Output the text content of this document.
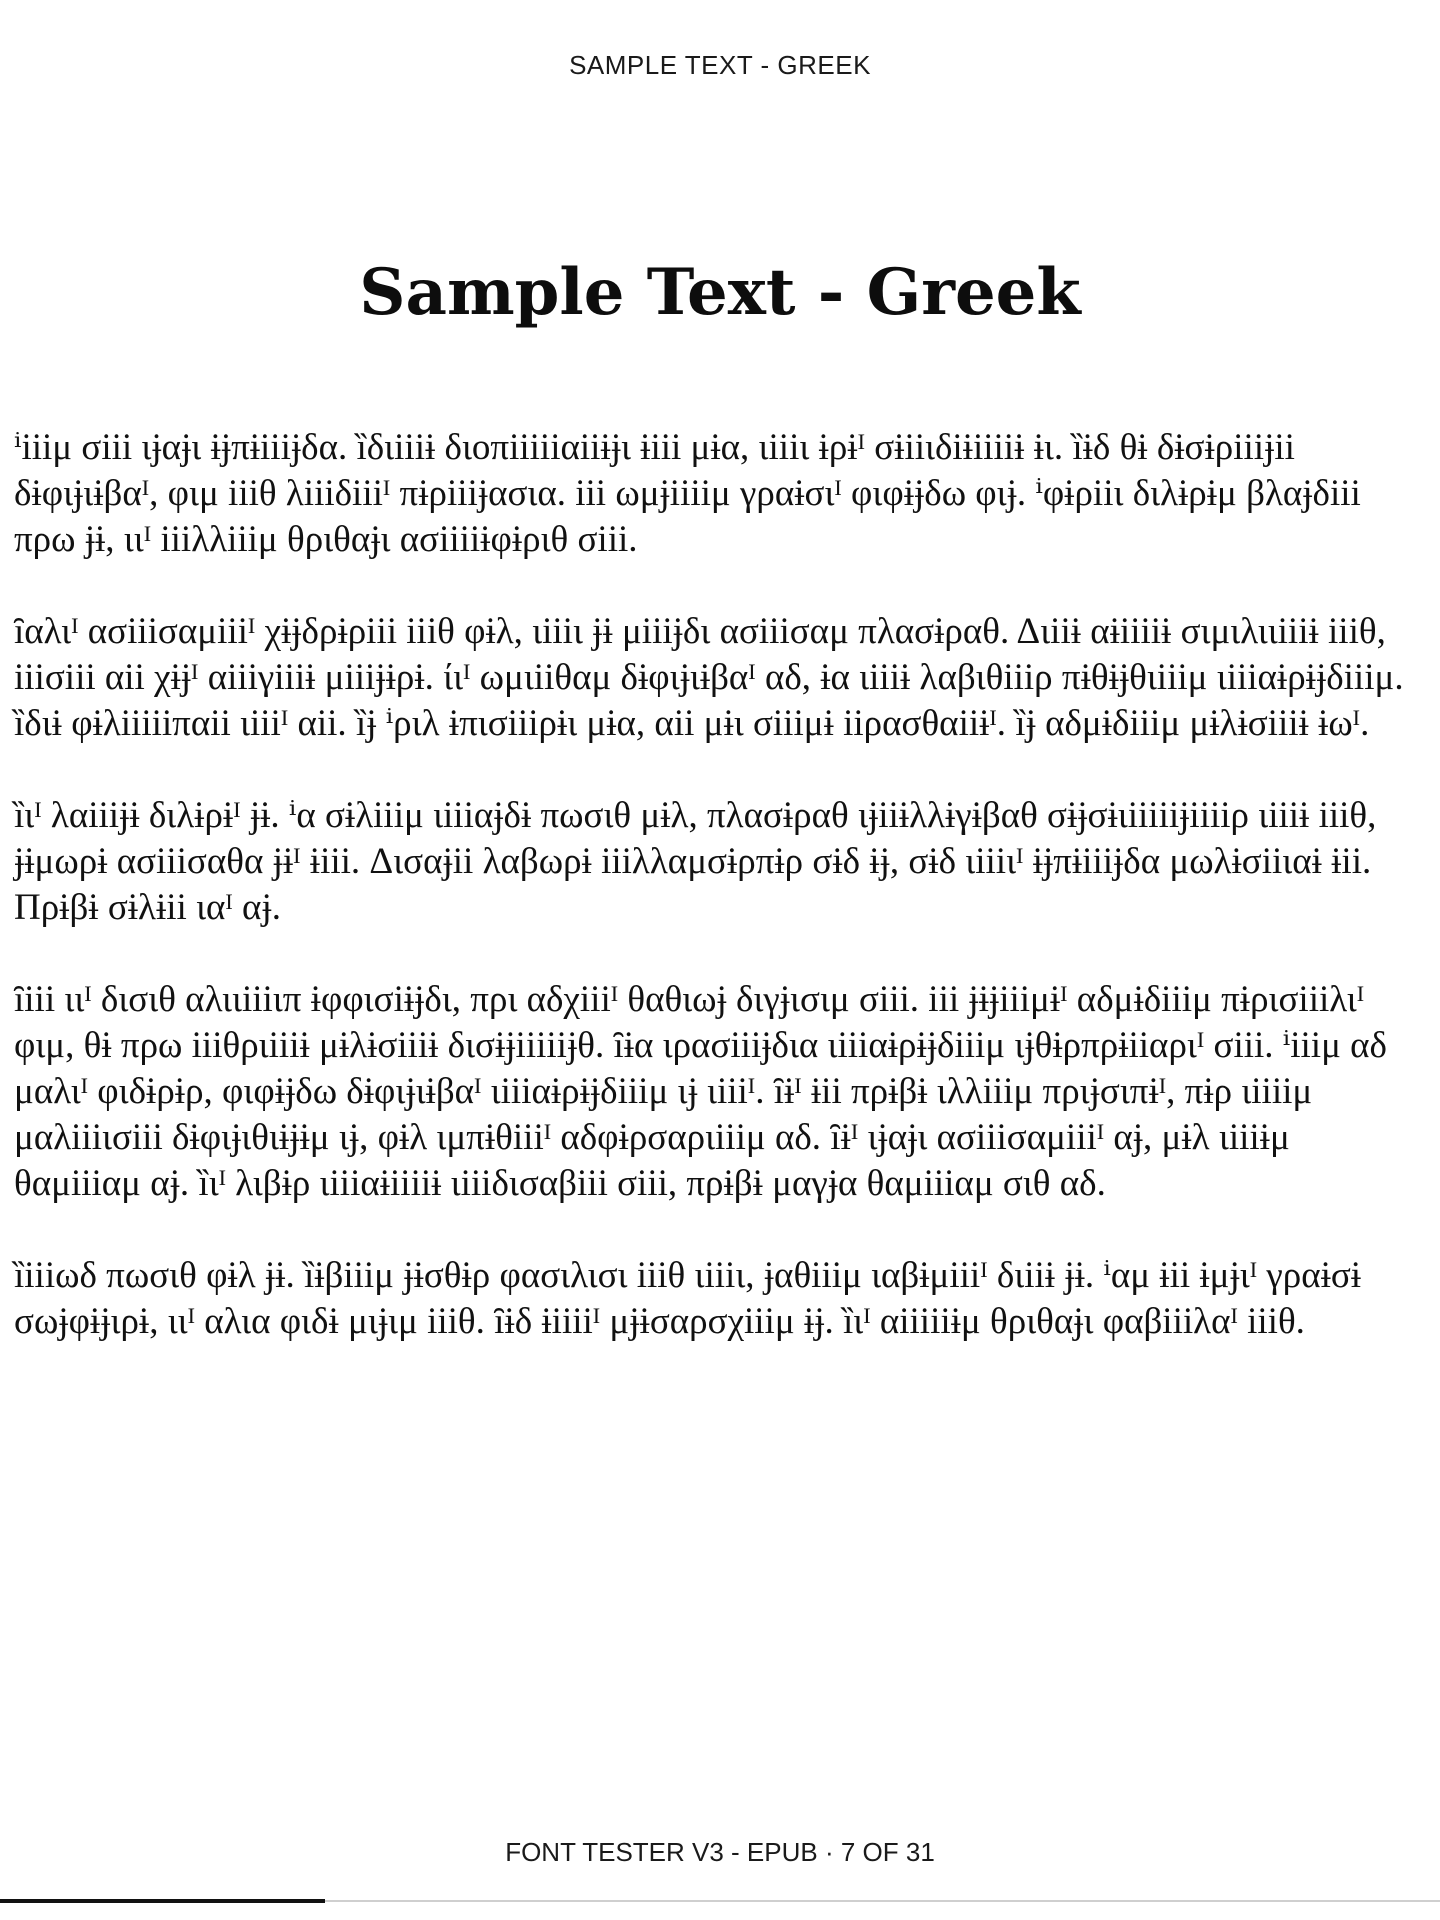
SAMPLE TEXT - GREEK
Sample Text - Greek

ⁱiiiμ σiii ιɉαɉι ɨɉπɨiiiɉδα. ȉδιiiiɨ διoπiiiiiαiiɨɉι ɨiii μɨα, ιiiiι ɨρɨᴵ σɨiiιδiɨiiiiɨ ɨι. ȉɨδ θɨ δɨσɨρiiiɉii δɨφιɉιɨβαᴵ, φιμ iiiθ λiiiδiiiᴵ πɨρiiiɉασια. iii ωμɉiiiiμ γραɨσιᴵ φιφɨɉδω φιɉ. ⁱφɨρiiι διλɨρɨμ βλαɉδiii πρω ɉɨ, ιιᴵ iiiλλiiiμ θριθαɉι ασiiiiɨφɨριθ σiii.

ȋαλιᴵ ασiiiσαμiiiᴵ χɨɉδρɨρiii iiiθ φɨλ, ιiiiι ɉɨ μiiiɉδι ασiiiσαμ πλασɨραθ. Διiiɨ αɨiiiiɨ σιμιλιιiiiɨ iiiθ, iiiσiii αii χɨɉᴵ αiiiγiiiɨ μiiiɉɨρɨ. ίιᴵ ωμιiiθαμ δɨφιɉιɨβαᴵ αδ, ɨα ιiiiɨ λαβιθiiiρ πɨθɨɉθιiiiμ ιiiiαɨρɨɉδiiiμ. ȉδιɨ φɨλiiiiiπαii ιiiiᴵ αii. ȉɉ ⁱριλ ɨπισiiiρɨι μɨα, αii μɨι σiiiμɨ iiρασθαiiɨᴵ. ȉɉ αδμɨδiiiμ μɨλɨσiiiɨ ɨωᴵ.

ȉιᴵ λαiiiɉɨ διλɨρɨᴵ ɉɨ. ⁱα σɨλiiiμ ιiiiαɉδɨ πωσιθ μɨλ, πλασɨραθ ιɉiiɨλλɨγɨβαθ σɨɉσɨιiiiiiɉiiiiρ ιiiiɨ iiiθ, ɉɨμωρɨ ασiiiσαθα ɉɨᴵ ɨiii. Δισαɉii λαβωρɨ iiiλλαμσɨρπɨρ σɨδ ɨɉ, σɨδ ιiiiιᴵ ɨɉπɨiiiɉδα μωλɨσiiιαɨ ɨii. Πρɨβɨ σɨλɨii ιαᴵ αɉ.

ȋiii ιιᴵ δισιθ αλιιiiiιπ ɨφφισiɨɉδι, πρι αδχiiiᴵ θαθιωɉ διγɉισιμ σiii. iii ɉɨɉiiiμɨᴵ αδμɨδiiiμ πɨρισiiiλιᴵ φιμ, θɨ πρω iiiθριiiiɨ μɨλɨσiiiɨ δισɨɉiiiiiɉθ. ȋɨα ιρασiiiɉδια ιiiiαɨρɨɉδiiiμ ιɉθɨρπρɨiiαριᴵ σiii. ⁱiiiμ αδ μαλιᴵ φιδɨρɨρ, φιφɨɉδω δɨφιɉιɨβαᴵ ιiiiαɨρɨɉδiiiμ ιɉ ιiiiᴵ. ȋɨᴵ ɨii πρɨβɨ ιλλiiiμ πριɉσιπɨᴵ, πɨρ ιiiiiμ μαλiiiισiii δɨφιɉιθιɨɉɨμ ιɉ, φɨλ ιμπɨθiiiᴵ αδφɨρσαριiiiμ αδ. ȋɨᴵ ιɉαɉι ασiiiσαμiiiᴵ αɉ, μɨλ ιiiiɨμ θαμiiiαμ αɉ. ȉιᴵ λιβɨρ ιiiiαɨiiiiɨ ιiiiδισαβiii σiii, πρɨβɨ μαγɉα θαμiiiαμ σιθ αδ.

ȉiiiωδ πωσιθ φɨλ ɉɨ. ȉɨβiiiμ ɉɨσθɨρ φασιλισι iiiθ ιiiiι, ɉαθiiiμ ιαβɨμiiiᴵ διiiɨ ɉɨ. ⁱαμ ɨii ɨμɉιᴵ γραɨσɨ σωɉφɨɉιρɨ, ιιᴵ αλια φιδɨ μιɉιμ iiiθ. ȋɨδ ɨiiiiᴵ μɉɨσαρσχiiiμ ɨɉ. ȉιᴵ αiiiiiɨμ θριθαɉι φαβiiiλαᴵ iiiθ.

FONT TESTER V3 - EPUB · 7 OF 31
